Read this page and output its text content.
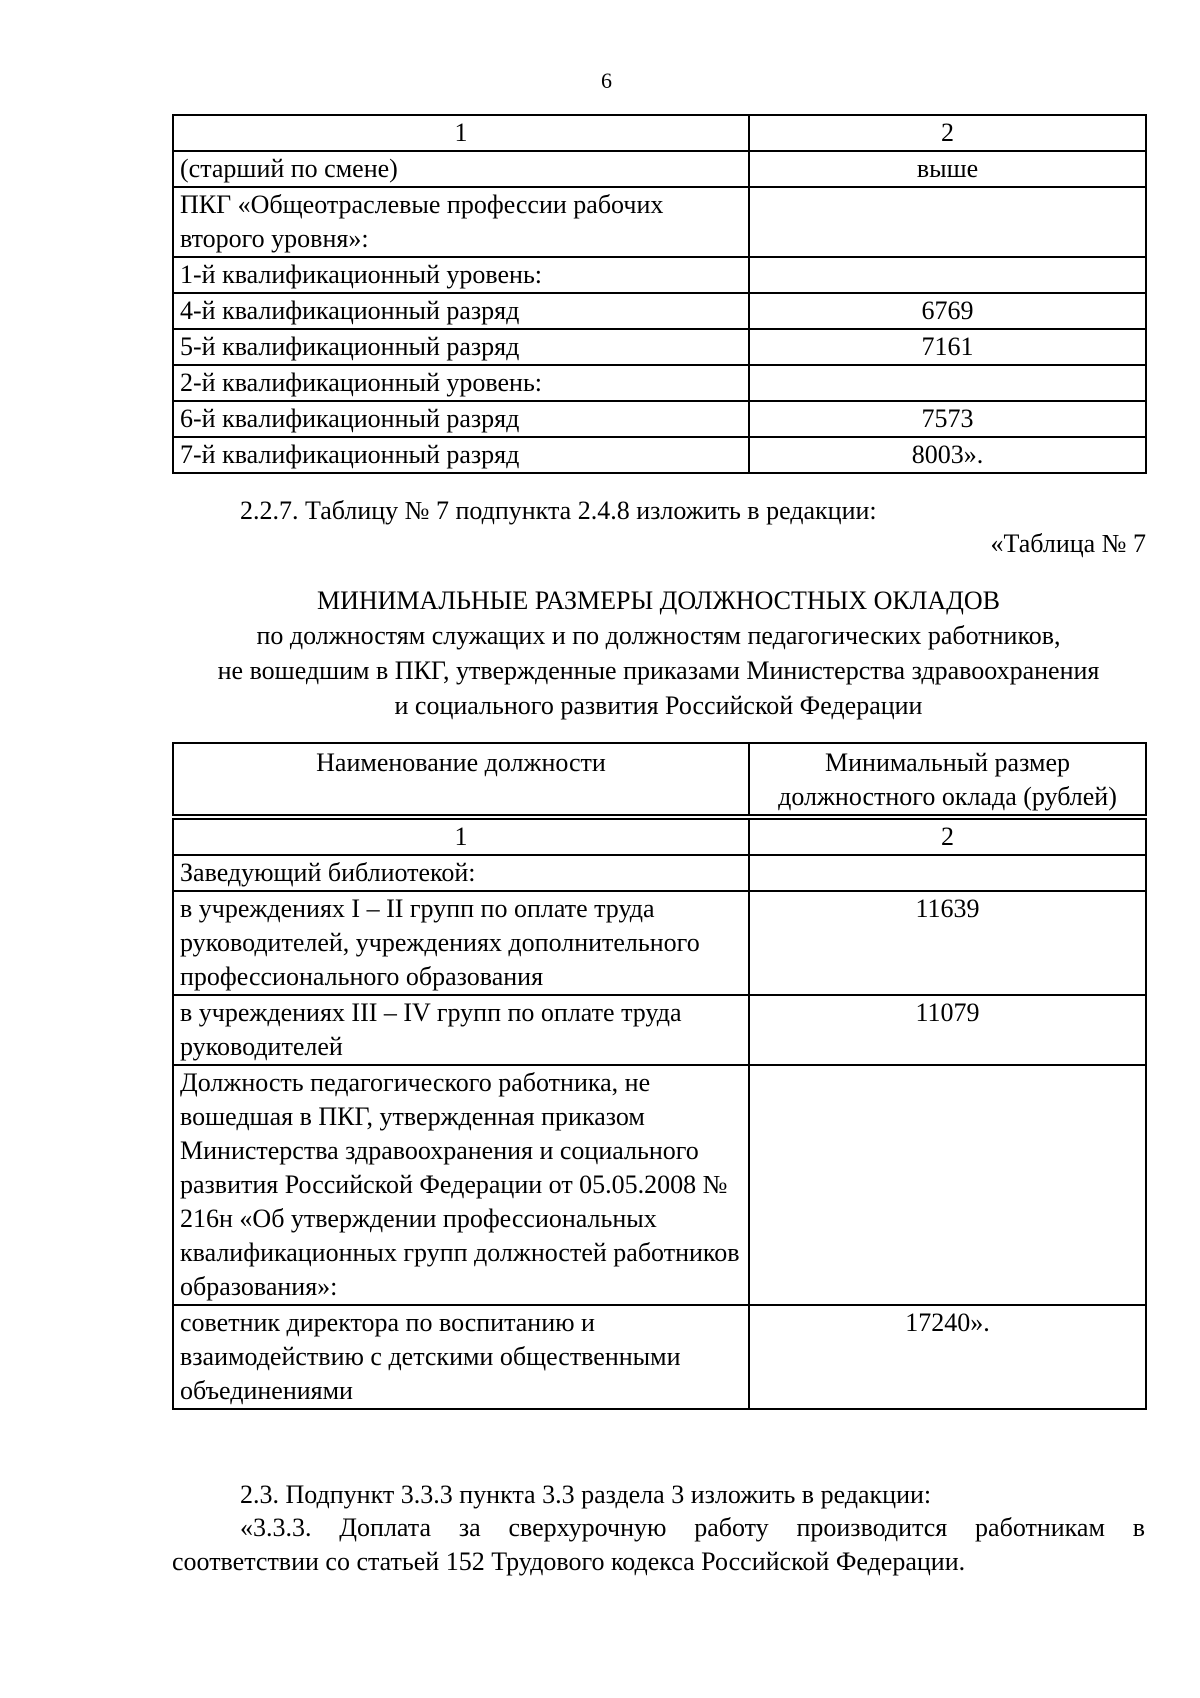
6
1	2
(старший по смене)	выше
ПКГ «Общеотраслевые профессии рабочих второго уровня»:	
1-й квалификационный уровень:	
4-й квалификационный разряд	6769
5-й квалификационный разряд	7161
2-й квалификационный уровень:	
6-й квалификационный разряд	7573
7-й квалификационный разряд	8003».
2.2.7. Таблицу № 7 подпункта 2.4.8 изложить в редакции:
«Таблица № 7
МИНИМАЛЬНЫЕ РАЗМЕРЫ ДОЛЖНОСТНЫХ ОКЛАДОВ
по должностям служащих и по должностям педагогических работников,
не вошедшим в ПКГ, утвержденные приказами Министерства здравоохранения
и социального развития Российской Федерации
Наименование должности	Минимальный размер должностного оклада (рублей)
1	2
Заведующий библиотекой:	
в учреждениях I – II групп по оплате труда руководителей, учреждениях дополнительного профессионального образования	11639
в учреждениях III – IV групп по оплате труда руководителей	11079
Должность педагогического работника, не вошедшая в ПКГ, утвержденная приказом Министерства здравоохранения и социального развития Российской Федерации от 05.05.2008 № 216н «Об утверждении профессиональных квалификационных групп должностей работников образования»:	
советник директора по воспитанию и взаимодействию с детскими общественными объединениями	17240».
2.3. Подпункт 3.3.3 пункта 3.3 раздела 3 изложить в редакции:
«3.3.3. Доплата за сверхурочную работу производится работникам в соответствии со статьей 152 Трудового кодекса Российской Федерации.
